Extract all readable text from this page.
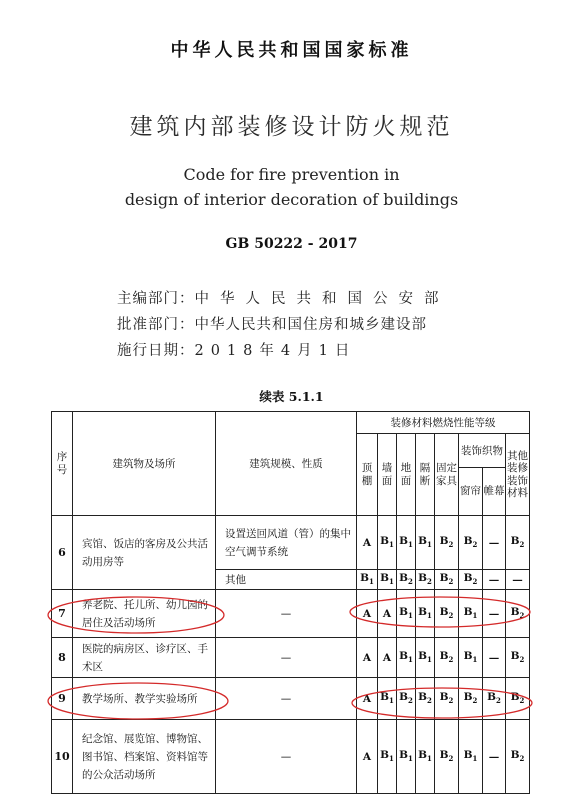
中华人民共和国国家标准
建筑内部装修设计防火规范
Code for fire prevention in
design of interior decoration of buildings
GB 50222 - 2017
主编部门：中华人民共和国公安部
批准部门：中华人民共和国住房和城乡建设部
施行日期：2018年4月1日
续表 5.1.1
序号	建筑物及场所	建筑规模、性质	装修材料燃烧性能等级							
			顶棚	墙面	地面	隔断	固定家具	装饰织物		其他装修装饰材料
								窗帘	帷幕	
6	宾馆、饭店的客房及公共活动用房等	设置送回风道（管）的集中空气调节系统	A	$B_1$	$B_1$	$B_1$	$B_2$	$B_2$	—	$B_2$
		其他	$B_1$	$B_1$	$B_2$	$B_2$	$B_2$	$B_2$	—	—
7	养老院、托儿所、幼儿园的居住及活动场所	—	A	A	$B_1$	$B_1$	$B_2$	$B_1$	—	$B_2$
8	医院的病房区、诊疗区、手术区	—	A	A	$B_1$	$B_1$	$B_2$	$B_1$	—	$B_2$
9	教学场所、教学实验场所	—	A	$B_1$	$B_2$	$B_2$	$B_2$	$B_2$	$B_2$	$B_2$
10	纪念馆、展览馆、博物馆、图书馆、档案馆、资料馆等的公众活动场所	—	A	$B_1$	$B_1$	$B_1$	$B_2$	$B_1$	—	$B_2$
